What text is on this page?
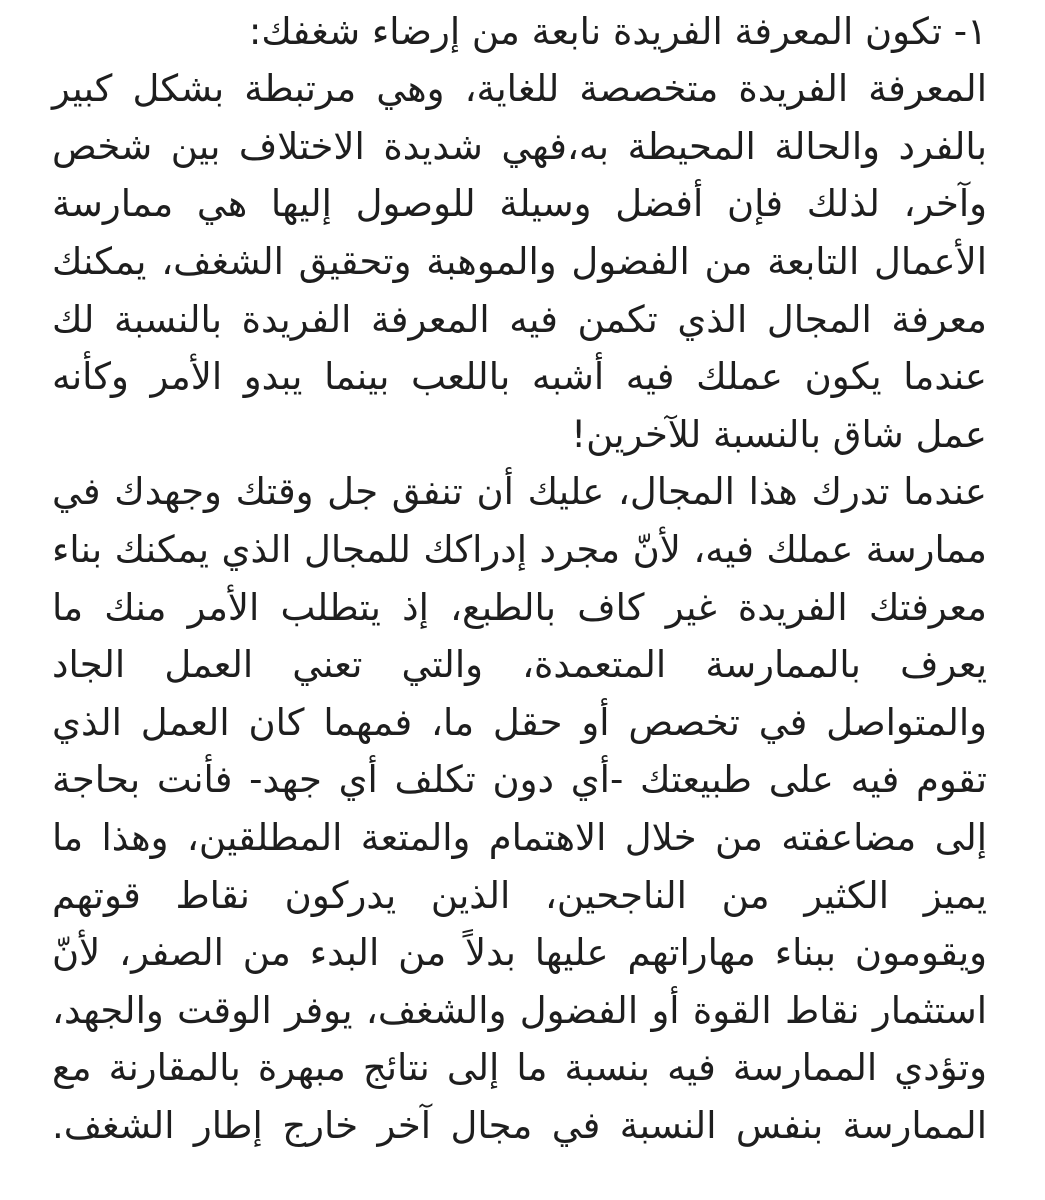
١- تكون المعرفة الفريدة نابعة من إرضاء شغفك:
المعرفة الفريدة متخصصة للغاية، وهي مرتبطة بشكل كبير
بالفرد والحالة المحيطة به،فهي شديدة الاختلاف بين شخص
وآخر، لذلك فإن أفضل وسيلة للوصول إليها هي ممارسة
الأعمال التابعة من الفضول والموهبة وتحقيق الشغف، يمكنك
معرفة المجال الذي تكمن فيه المعرفة الفريدة بالنسبة لك
عندما يكون عملك فيه أشبه باللعب بينما يبدو الأمر وكأنه
عمل شاق بالنسبة للآخرين!
عندما تدرك هذا المجال، عليك أن تنفق جل وقتك وجهدك في
ممارسة عملك فيه، لأنّ مجرد إدراكك للمجال الذي يمكنك بناء
معرفتك الفريدة غير كاف بالطبع، إذ يتطلب الأمر منك ما
يعرف بالممارسة المتعمدة، والتي تعني العمل الجاد
والمتواصل في تخصص أو حقل ما، فمهما كان العمل الذي
تقوم فيه على طبيعتك -أي دون تكلف أي جهد- فأنت بحاجة
إلى مضاعفته من خلال الاهتمام والمتعة المطلقين، وهذا ما
يميز الكثير من الناجحين، الذين يدركون نقاط قوتهم
ويقومون ببناء مهاراتهم عليها بدلاً من البدء من الصفر، لأنّ
استثمار نقاط القوة أو الفضول والشغف، يوفر الوقت والجهد،
وتؤدي الممارسة فيه بنسبة ما إلى نتائج مبهرة بالمقارنة مع
الممارسة بنفس النسبة في مجال آخر خارج إطار الشغف.
